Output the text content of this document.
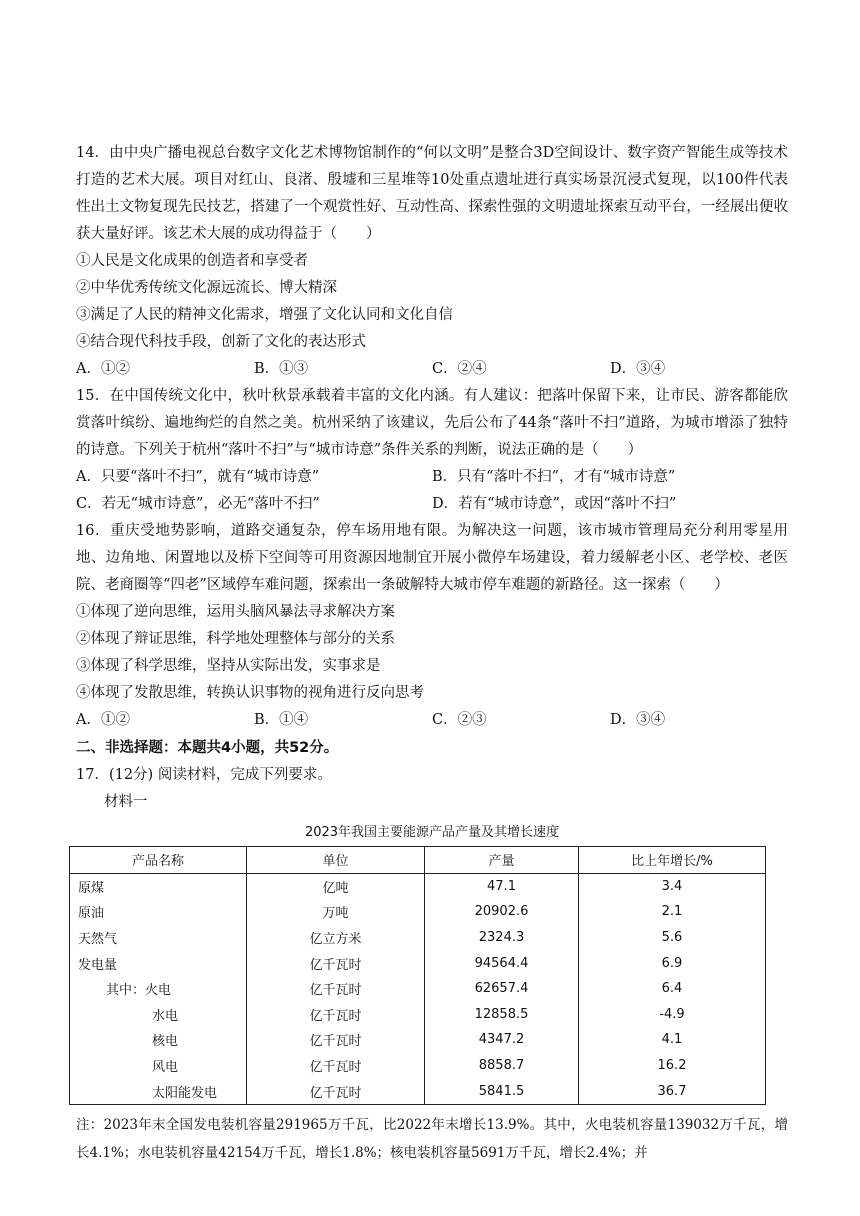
14．由中央广播电视总台数字文化艺术博物馆制作的“何以文明”是整合3D空间设计、数字资产智能生成等技术打造的艺术大展。项目对红山、良渚、殷墟和三星堆等10处重点遗址进行真实场景沉浸式复现，以100件代表性出土文物复现先民技艺，搭建了一个观赏性好、互动性高、探索性强的文明遗址探索互动平台，一经展出便收获大量好评。该艺术大展的成功得益于（　　）

①人民是文化成果的创造者和享受者

②中华优秀传统文化源远流长、博大精深

③满足了人民的精神文化需求，增强了文化认同和文化自信

④结合现代科技手段，创新了文化的表达形式

A．①②	B．①③	C．②④	D．③④

15．在中国传统文化中，秋叶秋景承载着丰富的文化内涵。有人建议：把落叶保留下来，让市民、游客都能欣赏落叶缤纷、遍地绚烂的自然之美。杭州采纳了该建议，先后公布了44条“落叶不扫”道路，为城市增添了独特的诗意。下列关于杭州“落叶不扫”与“城市诗意”条件关系的判断，说法正确的是（　　）

A．只要“落叶不扫”，就有“城市诗意”	B．只有“落叶不扫”，才有“城市诗意”
C．若无“城市诗意”，必无“落叶不扫”	D．若有“城市诗意”，或因“落叶不扫”

16．重庆受地势影响，道路交通复杂，停车场用地有限。为解决这一问题，该市城市管理局充分利用零星用地、边角地、闲置地以及桥下空间等可用资源因地制宜开展小微停车场建设，着力缓解老小区、老学校、老医院、老商圈等“四老”区域停车难问题，探索出一条破解特大城市停车难题的新路径。这一探索（　　）

①体现了逆向思维，运用头脑风暴法寻求解决方案

②体现了辩证思维，科学地处理整体与部分的关系

③体现了科学思维，坚持从实际出发，实事求是

④体现了发散思维，转换认识事物的视角进行反向思考

A．①②	B．①④	C．②③	D．③④

二、非选择题：本题共4小题，共52分。

17．(12分) 阅读材料，完成下列要求。

材料一

2023年我国主要能源产品产量及其增长速度
产品名称	单位	产量	比上年增长/%
原煤	亿吨	47.1	3.4
原油	万吨	20902.6	2.1
天然气	亿立方米	2324.3	5.6
发电量	亿千瓦时	94564.4	6.9
其中：火电	亿千瓦时	62657.4	6.4
水电	亿千瓦时	12858.5	-4.9
核电	亿千瓦时	4347.2	4.1
风电	亿千瓦时	8858.7	16.2
太阳能发电	亿千瓦时	5841.5	36.7

注：2023年末全国发电装机容量291965万千瓦，比2022年末增长13.9%。其中，火电装机容量139032万千瓦，增长4.1%；水电装机容量42154万千瓦，增长1.8%；核电装机容量5691万千瓦，增长2.4%；并
